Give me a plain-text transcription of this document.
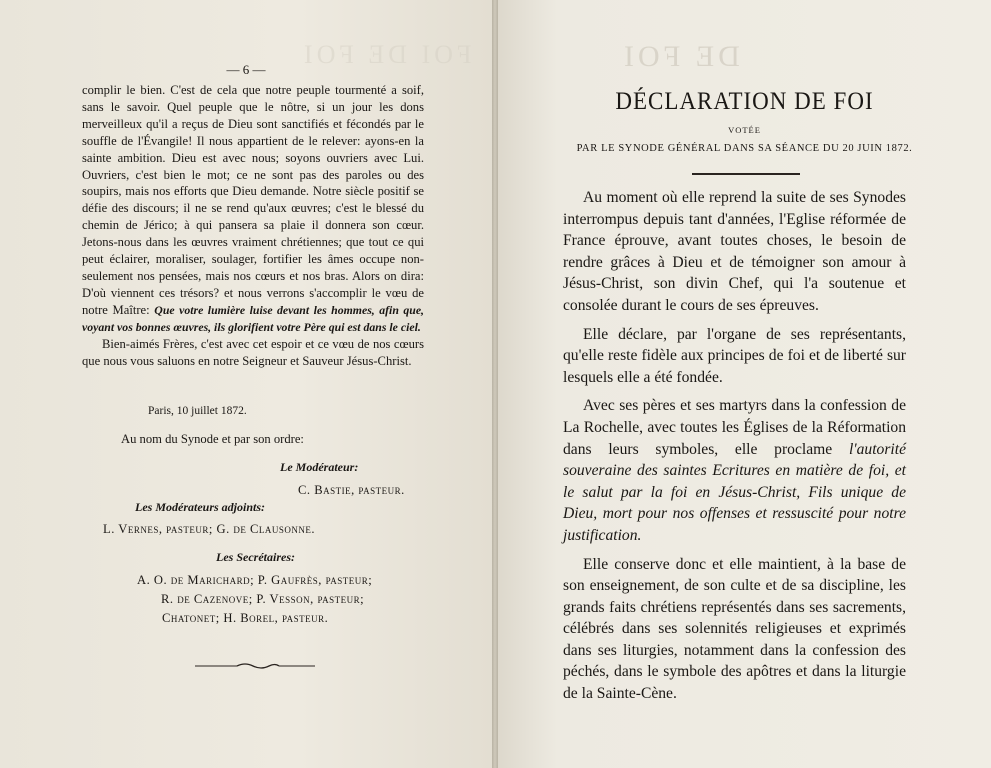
FOI DE FOI	DE FOI
— 6 —

complir le bien. C'est de cela que notre peuple tourmenté a soif, sans le savoir. Quel peuple que le nôtre, si un jour les dons merveilleux qu'il a reçus de Dieu sont sanctifiés et fécondés par le souffle de l'Évangile! Il nous appartient de le relever: ayons-en la sainte ambition. Dieu est avec nous; soyons ouvriers avec Lui. Ouvriers, c'est bien le mot; ce ne sont pas des paroles ou des soupirs, mais nos efforts que Dieu demande. Notre siècle positif se défie des discours; il ne se rend qu'aux œuvres; c'est le blessé du chemin de Jérico; à qui pansera sa plaie il donnera son cœur. Jetons-nous dans les œuvres vraiment chrétiennes; que tout ce qui peut éclairer, moraliser, soulager, fortifier les âmes occupe non-seulement nos pensées, mais nos cœurs et nos bras. Alors on dira: D'où viennent ces trésors? et nous verrons s'accomplir le vœu de notre Maître: Que votre lumière luise devant les hommes, afin que, voyant vos bonnes œuvres, ils glorifient votre Père qui est dans le ciel.

Bien-aimés Frères, c'est avec cet espoir et ce vœu de nos cœurs que nous vous saluons en notre Seigneur et Sauveur Jésus-Christ.

Paris, 10 juillet 1872.
Au nom du Synode et par son ordre:
Le Modérateur:
C. Bastie, pasteur.
Les Modérateurs adjoints:
L. Vernes, pasteur; G. de Clausonne.
Les Secrétaires:
A. O. de Marichard; P. Gaufrès, pasteur;
R. de Cazenove; P. Vesson, pasteur;
Chatonet; H. Borel, pasteur.
DÉCLARATION DE FOI
VOTÉE
PAR LE SYNODE GÉNÉRAL DANS SA SÉANCE DU 20 JUIN 1872.

Au moment où elle reprend la suite de ses Synodes interrompus depuis tant d'années, l'Eglise réformée de France éprouve, avant toutes choses, le besoin de rendre grâces à Dieu et de témoigner son amour à Jésus-Christ, son divin Chef, qui l'a soutenue et consolée durant le cours de ses épreuves.

Elle déclare, par l'organe de ses représentants, qu'elle reste fidèle aux principes de foi et de liberté sur lesquels elle a été fondée.

Avec ses pères et ses martyrs dans la confession de La Rochelle, avec toutes les Églises de la Réformation dans leurs symboles, elle proclame l'autorité souveraine des saintes Ecritures en matière de foi, et le salut par la foi en Jésus-Christ, Fils unique de Dieu, mort pour nos offenses et ressuscité pour notre justification.

Elle conserve donc et elle maintient, à la base de son enseignement, de son culte et de sa discipline, les grands faits chrétiens représentés dans ses sacrements, célébrés dans ses solennités religieuses et exprimés dans ses liturgies, notamment dans la confession des péchés, dans le symbole des apôtres et dans la liturgie de la Sainte-Cène.
